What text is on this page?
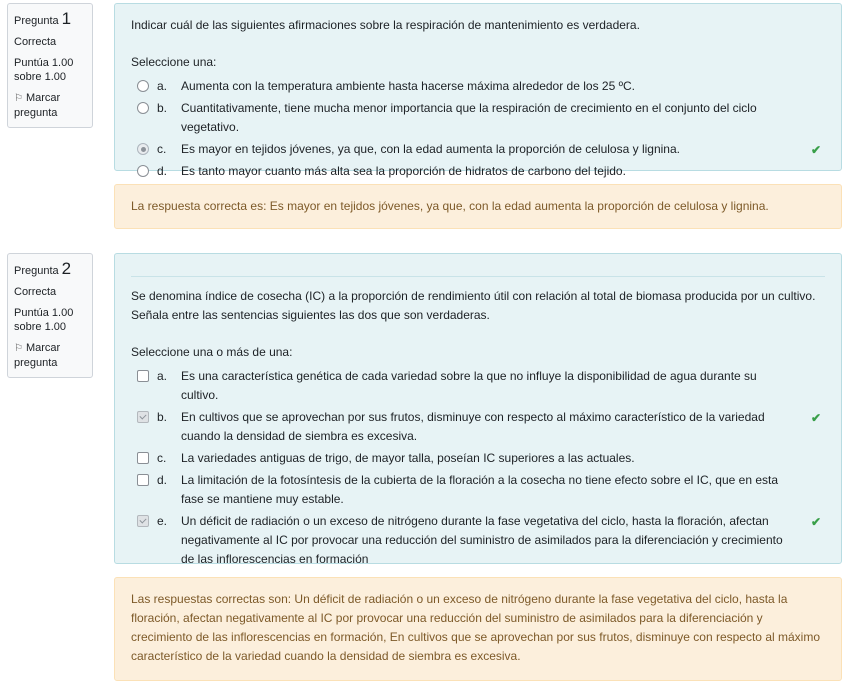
Pregunta 1
Correcta
Puntúa 1.00
sobre 1.00
⚐ Marcar pregunta
Indicar cuál de las siguientes afirmaciones sobre la respiración de mantenimiento es verdadera.
Seleccione una:
a.	Aumenta con la temperatura ambiente hasta hacerse máxima alrededor de los 25 ºC.
b.	Cuantitativamente, tiene mucha menor importancia que la respiración de crecimiento en el conjunto del ciclo vegetativo.
c.	Es mayor en tejidos jóvenes, ya que, con la edad aumenta la proporción de celulosa y lignina.	✔
d.	Es tanto mayor cuanto más alta sea la proporción de hidratos de carbono del tejido.
La respuesta correcta es: Es mayor en tejidos jóvenes, ya que, con la edad aumenta la proporción de celulosa y lignina.
Pregunta 2
Correcta
Puntúa 1.00
sobre 1.00
⚐ Marcar pregunta
Se denomina índice de cosecha (IC) a la proporción de rendimiento útil con relación al total de biomasa producida por un cultivo. Señala entre las sentencias siguientes las dos que son verdaderas.
Seleccione una o más de una:
a.	Es una característica genética de cada variedad sobre la que no influye la disponibilidad de agua durante su cultivo.
b.	En cultivos que se aprovechan por sus frutos, disminuye con respecto al máximo característico de la variedad cuando la densidad de siembra es excesiva.
✔
c.	La variedades antiguas de trigo, de mayor talla, poseían IC superiores a las actuales.
d.	La limitación de la fotosíntesis de la cubierta de la floración a la cosecha no tiene efecto sobre el IC, que en esta fase se mantiene muy estable.
e.	Un déficit de radiación o un exceso de nitrógeno durante la fase vegetativa del ciclo, hasta la floración, afectan negativamente al IC por provocar una reducción del suministro de asimilados para la diferenciación y crecimiento de las inflorescencias en formación
✔
Las respuestas correctas son: Un déficit de radiación o un exceso de nitrógeno durante la fase vegetativa del ciclo, hasta la floración, afectan negativamente al IC por provocar una reducción del suministro de asimilados para la diferenciación y crecimiento de las inflorescencias en formación, En cultivos que se aprovechan por sus frutos, disminuye con respecto al máximo característico de la variedad cuando la densidad de siembra es excesiva.
